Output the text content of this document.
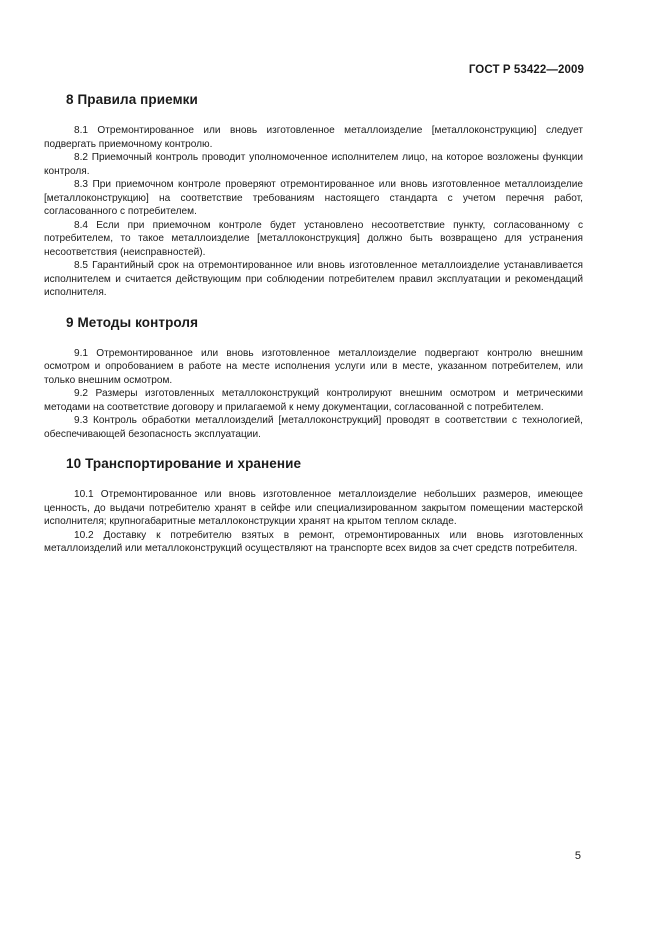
ГОСТ Р 53422—2009
8 Правила приемки

8.1 Отремонтированное или вновь изготовленное металлоизделие [металлоконструкцию] следует подвергать приемочному контролю.

8.2 Приемочный контроль проводит уполномоченное исполнителем лицо, на которое возложены функции контроля.

8.3 При приемочном контроле проверяют отремонтированное или вновь изготовленное металлоизделие [металлоконструкцию] на соответствие требованиям настоящего стандарта с учетом перечня работ, согласованного с потребителем.

8.4 Если при приемочном контроле будет установлено несоответствие пункту, согласованному с потребителем, то такое металлоизделие [металлоконструкция] должно быть возвращено для устранения несоответствия (неисправностей).

8.5 Гарантийный срок на отремонтированное или вновь изготовленное металлоизделие устанавливается исполнителем и считается действующим при соблюдении потребителем правил эксплуатации и рекомендаций исполнителя.

9 Методы контроля

9.1 Отремонтированное или вновь изготовленное металлоизделие подвергают контролю внешним осмотром и опробованием в работе на месте исполнения услуги или в месте, указанном потребителем, или только внешним осмотром.

9.2 Размеры изготовленных металлоконструкций контролируют внешним осмотром и метрическими методами на соответствие договору и прилагаемой к нему документации, согласованной с потребителем.

9.3 Контроль обработки металлоизделий [металлоконструкций] проводят в соответствии с технологией, обеспечивающей безопасность эксплуатации.

10 Транспортирование и хранение

10.1 Отремонтированное или вновь изготовленное металлоизделие небольших размеров, имеющее ценность, до выдачи потребителю хранят в сейфе или специализированном закрытом помещении мастерской исполнителя; крупногабаритные металлоконструкции хранят на крытом теплом складе.

10.2 Доставку к потребителю взятых в ремонт, отремонтированных или вновь изготовленных металлоизделий или металлоконструкций осуществляют на транспорте всех видов за счет средств потребителя.

5
